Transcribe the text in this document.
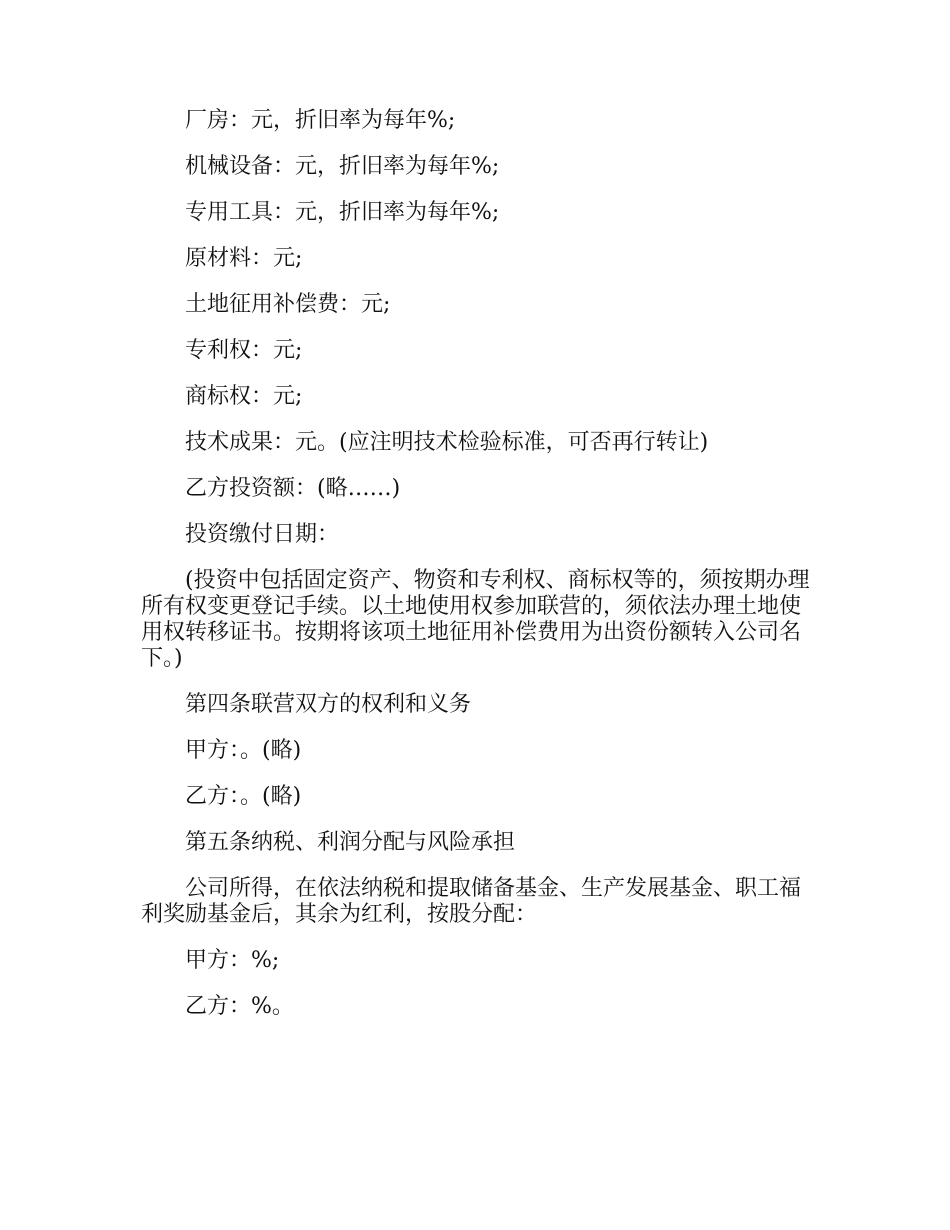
厂房：元，折旧率为每年%;

机械设备：元，折旧率为每年%;

专用工具：元，折旧率为每年%;

原材料：元;

土地征用补偿费：元;

专利权：元;

商标权：元;

技术成果：元。(应注明技术检验标准，可否再行转让)

乙方投资额：(略……)

投资缴付日期：

(投资中包括固定资产、物资和专利权、商标权等的，须按期办理所有权变更登记手续。以土地使用权参加联营的，须依法办理土地使用权转移证书。按期将该项土地征用补偿费用为出资份额转入公司名下。)

第四条联营双方的权利和义务

甲方：。(略)

乙方：。(略)

第五条纳税、利润分配与风险承担

公司所得，在依法纳税和提取储备基金、生产发展基金、职工福利奖励基金后，其余为红利，按股分配：

甲方：%;

乙方：%。
